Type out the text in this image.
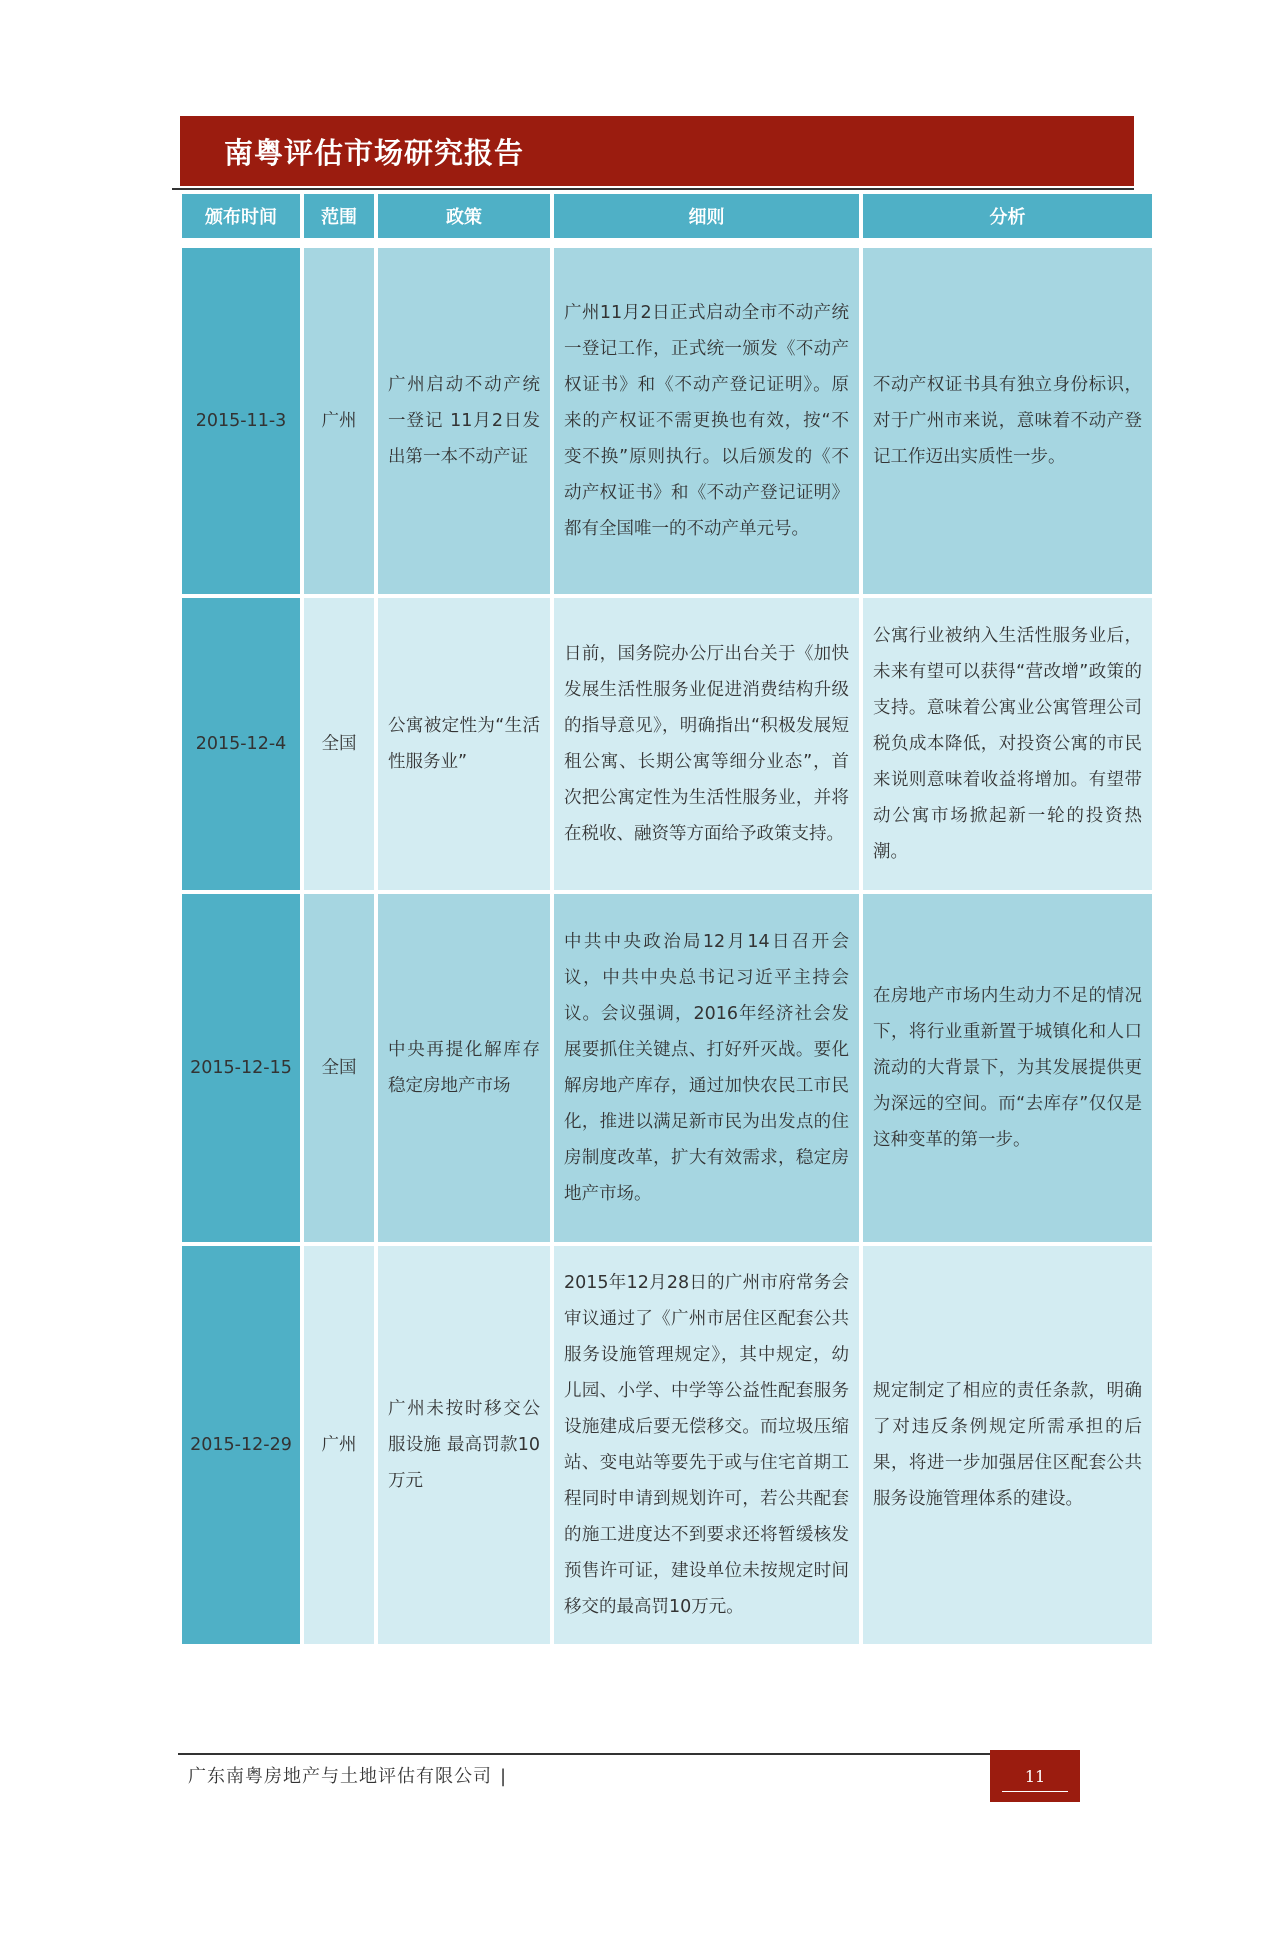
南粤评估市场研究报告
颁布时间	范围	政策	细则	分析

2015-11-3	广州	广州启动不动产统一登记 11月2日发出第一本不动产证	广州11月2日正式启动全市不动产统一登记工作，正式统一颁发《不动产权证书》和《不动产登记证明》。原来的产权证不需更换也有效，按“不变不换”原则执行。以后颁发的《不动产权证书》和《不动产登记证明》都有全国唯一的不动产单元号。	不动产权证书具有独立身份标识，对于广州市来说，意味着不动产登记工作迈出实质性一步。
2015-12-4	全国	公寓被定性为“生活性服务业”	日前，国务院办公厅出台关于《加快发展生活性服务业促进消费结构升级的指导意见》，明确指出“积极发展短租公寓、长期公寓等细分业态”，首次把公寓定性为生活性服务业，并将在税收、融资等方面给予政策支持。	公寓行业被纳入生活性服务业后，未来有望可以获得“营改增”政策的支持。意味着公寓业公寓管理公司税负成本降低，对投资公寓的市民来说则意味着收益将增加。有望带动公寓市场掀起新一轮的投资热潮。
2015-12-15	全国	中央再提化解库存稳定房地产市场	中共中央政治局12月14日召开会议，中共中央总书记习近平主持会议。会议强调，2016年经济社会发展要抓住关键点、打好歼灭战。要化解房地产库存，通过加快农民工市民化，推进以满足新市民为出发点的住房制度改革，扩大有效需求，稳定房地产市场。	在房地产市场内生动力不足的情况下，将行业重新置于城镇化和人口流动的大背景下，为其发展提供更为深远的空间。而“去库存”仅仅是这种变革的第一步。
2015-12-29	广州	广州未按时移交公服设施 最高罚款10万元	2015年12月28日的广州市府常务会审议通过了《广州市居住区配套公共服务设施管理规定》，其中规定，幼儿园、小学、中学等公益性配套服务设施建成后要无偿移交。而垃圾压缩站、变电站等要先于或与住宅首期工程同时申请到规划许可，若公共配套的施工进度达不到要求还将暂缓核发预售许可证，建设单位未按规定时间移交的最高罚10万元。	规定制定了相应的责任条款，明确了对违反条例规定所需承担的后果，将进一步加强居住区配套公共服务设施管理体系的建设。
广东南粤房地产与土地评估有限公司 |	11
